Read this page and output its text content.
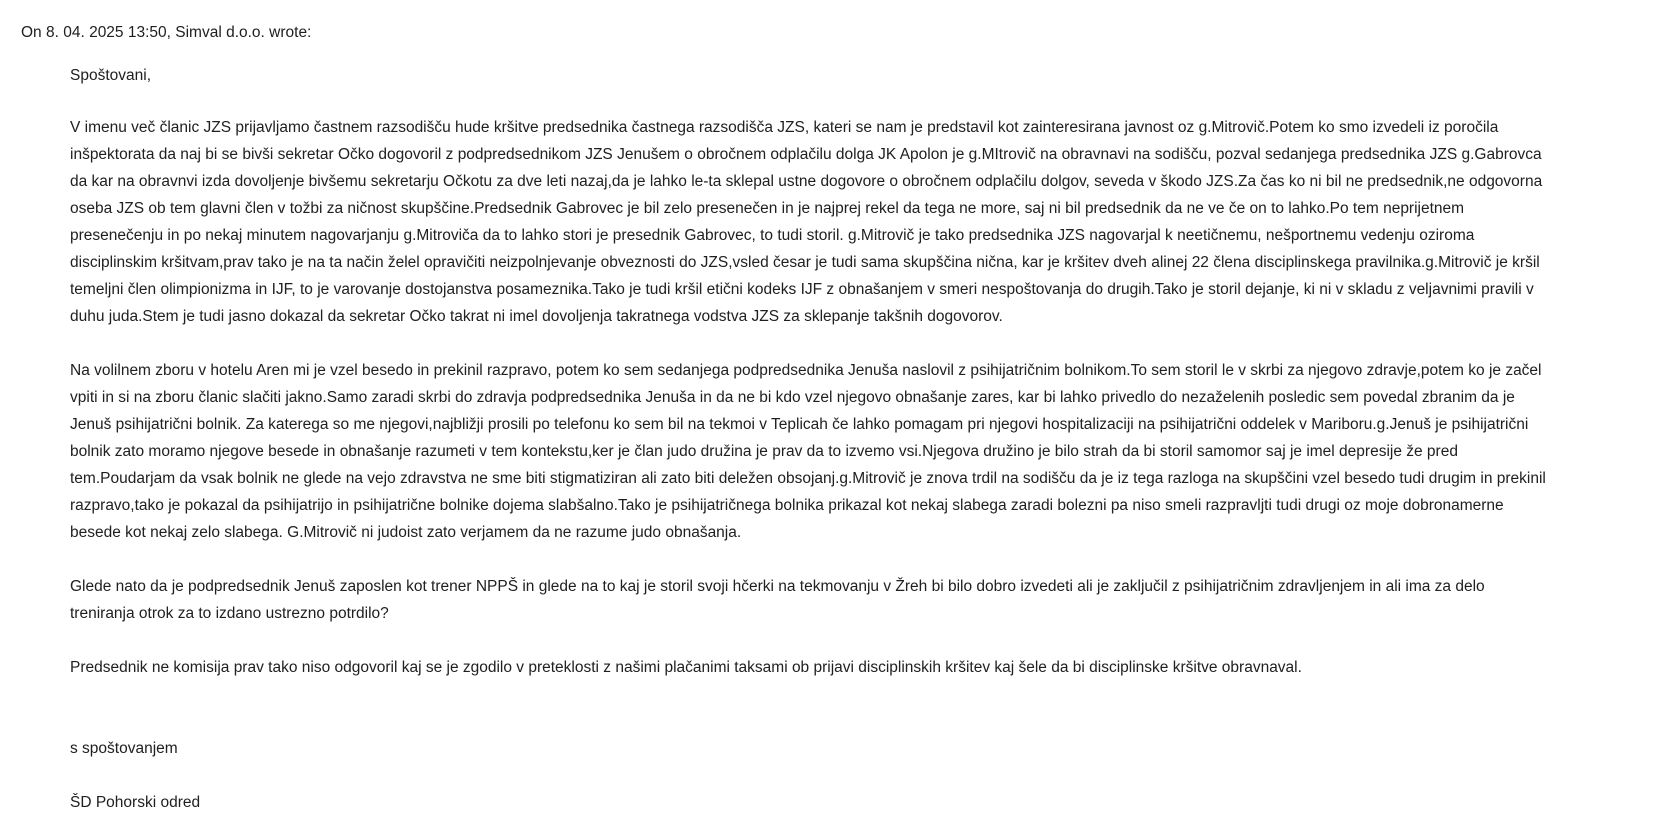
On 8. 04. 2025 13:50, Simval d.o.o. wrote:

Spoštovani,

V imenu več članic JZS prijavljamo častnem razsodišču hude kršitve predsednika častnega razsodišča JZS, kateri se nam je predstavil kot zainteresirana javnost oz g.Mitrovič.Potem ko smo izvedeli iz poročila
inšpektorata da naj bi se bivši sekretar Očko dogovoril z podpredsednikom JZS Jenušem o obročnem odplačilu dolga JK Apolon je g.MItrovič na obravnavi na sodišču, pozval sedanjega predsednika JZS g.Gabrovca
da kar na obravnvi izda dovoljenje bivšemu sekretarju Očkotu za dve leti nazaj,da je lahko le-ta sklepal ustne dogovore o obročnem odplačilu dolgov, seveda v škodo JZS.Za čas ko ni bil ne predsednik,ne odgovorna
oseba JZS ob tem glavni člen v tožbi za ničnost skupščine.Predsednik Gabrovec je bil zelo presenečen in je najprej rekel da tega ne more, saj ni bil predsednik da ne ve če on to lahko.Po tem neprijetnem
presenečenju in po nekaj minutem nagovarjanju g.Mitroviča da to lahko stori je presednik Gabrovec, to tudi storil. g.Mitrovič je tako predsednika JZS nagovarjal k neetičnemu, nešportnemu vedenju oziroma
disciplinskim kršitvam,prav tako je na ta način želel opravičiti neizpolnjevanje obveznosti do JZS,vsled česar je tudi sama skupščina nična, kar je kršitev dveh alinej 22 člena disciplinskega pravilnika.g.Mitrovič je kršil
temeljni člen olimpionizma in IJF, to je varovanje dostojanstva posameznika.Tako je tudi kršil etični kodeks IJF z obnašanjem v smeri nespoštovanja do drugih.Tako je storil dejanje, ki ni v skladu z veljavnimi pravili v
duhu juda.Stem je tudi jasno dokazal da sekretar Očko takrat ni imel dovoljenja takratnega vodstva JZS za sklepanje takšnih dogovorov.

Na volilnem zboru v hotelu Aren mi je vzel besedo in prekinil razpravo, potem ko sem sedanjega podpredsednika Jenuša naslovil z psihijatričnim bolnikom.To sem storil le v skrbi za njegovo zdravje,potem ko je začel
vpiti in si na zboru članic slačiti jakno.Samo zaradi skrbi do zdravja podpredsednika Jenuša in da ne bi kdo vzel njegovo obnašanje zares, kar bi lahko privedlo do nezaželenih posledic sem povedal zbranim da je
Jenuš psihijatrični bolnik. Za katerega so me njegovi,najbližji prosili po telefonu ko sem bil na tekmoi v Teplicah če lahko pomagam pri njegovi hospitalizaciji na psihijatrični oddelek v Mariboru.g.Jenuš je psihijatrični
bolnik zato moramo njegove besede in obnašanje razumeti v tem kontekstu,ker je član judo družina je prav da to izvemo vsi.Njegova družino je bilo strah da bi storil samomor saj je imel depresije že pred
tem.Poudarjam da vsak bolnik ne glede na vejo zdravstva ne sme biti stigmatiziran ali zato biti deležen obsojanj.g.Mitrovič je znova trdil na sodišču da je iz tega razloga na skupščini vzel besedo tudi drugim in prekinil
razpravo,tako je pokazal da psihijatrijo in psihijatrične bolnike dojema slabšalno.Tako je psihijatričnega bolnika prikazal kot nekaj slabega zaradi bolezni pa niso smeli razpravljti tudi drugi oz moje dobronamerne
besede kot nekaj zelo slabega. G.Mitrovič ni judoist zato verjamem da ne razume judo obnašanja.

Glede nato da je podpredsednik Jenuš zaposlen kot trener NPPŠ in glede na to kaj je storil svoji hčerki na tekmovanju v Žreh bi bilo dobro izvedeti ali je zaključil z psihijatričnim zdravljenjem in ali ima za delo
treniranja otrok za to izdano ustrezno potrdilo?

Predsednik ne komisija prav tako niso odgovoril kaj se je zgodilo v preteklosti z našimi plačanimi taksami ob prijavi disciplinskih kršitev kaj šele da bi disciplinske kršitve obravnaval.

s spoštovanjem

ŠD Pohorski odred
